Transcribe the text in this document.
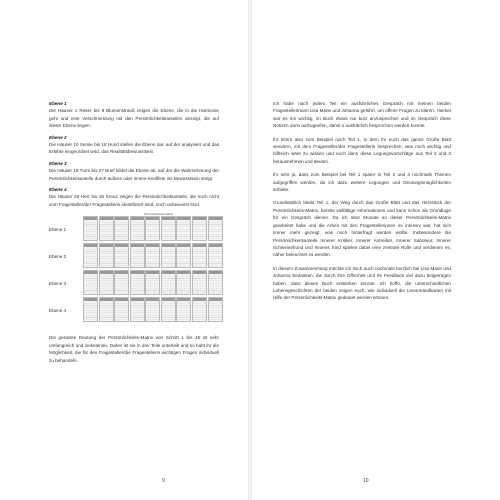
Ebene 1
Die Häuser 1 Reiter bis 9 Blumenstrauß zeigen die Ebene, die in die Harmonie geht und eine Verschmelzung mit den Persönlichkeitsanteilen anzeigt, die auf dieser Ebene liegen.
Ebene 2
Die Häuser 10 Sense bis 18 Hund stellen die Ebene dar, auf der analysiert und das Erlebte eingeordnet wird, das Realitätsbewusstsein.
Ebene 3
Die Häuser 19 Turm bis 27 Brief bildet die Ebene ab, auf der die Wahrnehmung der Persönlichkeitsanteile durch äußere oder innere Konflikte ins Bewusstsein steigt.
Ebene 4
Die Häuser 28 Herr bis 36 Kreuz zeigen die Persönlichkeitsanteile, die noch nicht vom Fragesteller/der Fragestellerin identifiziert sind, noch unbewusst sind.
Persönlichkeits-Matrix
Ebene 1
Ebene 2
Ebene 3
Ebene 4
Die gesamte Deutung der Persönlichkeits-Matrix von Schritt 1 bis 45 ist sehr umfangreich und zeitintensiv. Daher ist sie in drei Teile unterteilt und so habt ihr die Möglichkeit, die für den Fragesteller/die Fragestellerin wichtigen Fragen individuell zu behandeln.
9
Ich habe nach jedem Teil ein ausführliches Gespräch mit meinen beiden Fragestellerinnen Lisa Marie und Johanna geführt, um offene Fragen zu klären. Hierbei war es mir wichtig, im Buch etwas nur kurz anzusprechen und im Gespräch diese Notizen dann aufzugreifen, damit n ausführlich besprochen werden konnte.
Ihr könnt also zum Beispiel nach Teil 1, in dem ihr euch das ganze Große Blatt wendern, mit dem Fragesteller/der Fragestellerin besprechen, was noch wichtig und hilfreich wäre zu wissen und euch dann diese Legungsvorschläge aus Teil 2 und 3 herausnehmen und deuten.
Ihr seht ja, dass zum Beispiel bei Teil 1 später in Teil 2 und 3 nochmals Themen aufgegriffen werden, da ich dazu weitere Legungen und Deutungsmöglichkeiten anbiete.
Grundsätzlich bleibt Teil 1, der Weg durch das Große Blatt und das Herzstück der Persönlichkeits-Matrix, bereits vielfältige Informationen und kann schon als Grundlage für ein Gespräch dienen. Da ich über Monate an dieser Persönlichkeits-Matrix gearbeitet habe und die Arbeit mit den Fragestellerinnen so intensiv war, hat sich immer mehr gezeigt, was noch hinterfragt werden wollte. Insbesondere die Persönlichkeitsanteile Innerer Kritiker, Innerer Antreiber, Innerer Saboteur, Innerer Schweinehund und Inneres Kind spielen dabei eine zentrale Rolle und verdienen es, näher beleuchtet zu werden.
In diesem Zusammenhang möchte ich mich auch nochmals herzlich bei Lisa Marie und Johanna bedanken, die durch ihre Offenheit und ihr Feedback viel dazu beigetragen haben, dass dieses Buch entstehen konnte. Ich hoffe, die unterschiedlichen Lebensgeschichten der beiden zeigen euch, wie individuell die Lenormandkarten mit Hilfe der Persönlichkeits-Matrix gedeutet werden können.
10
